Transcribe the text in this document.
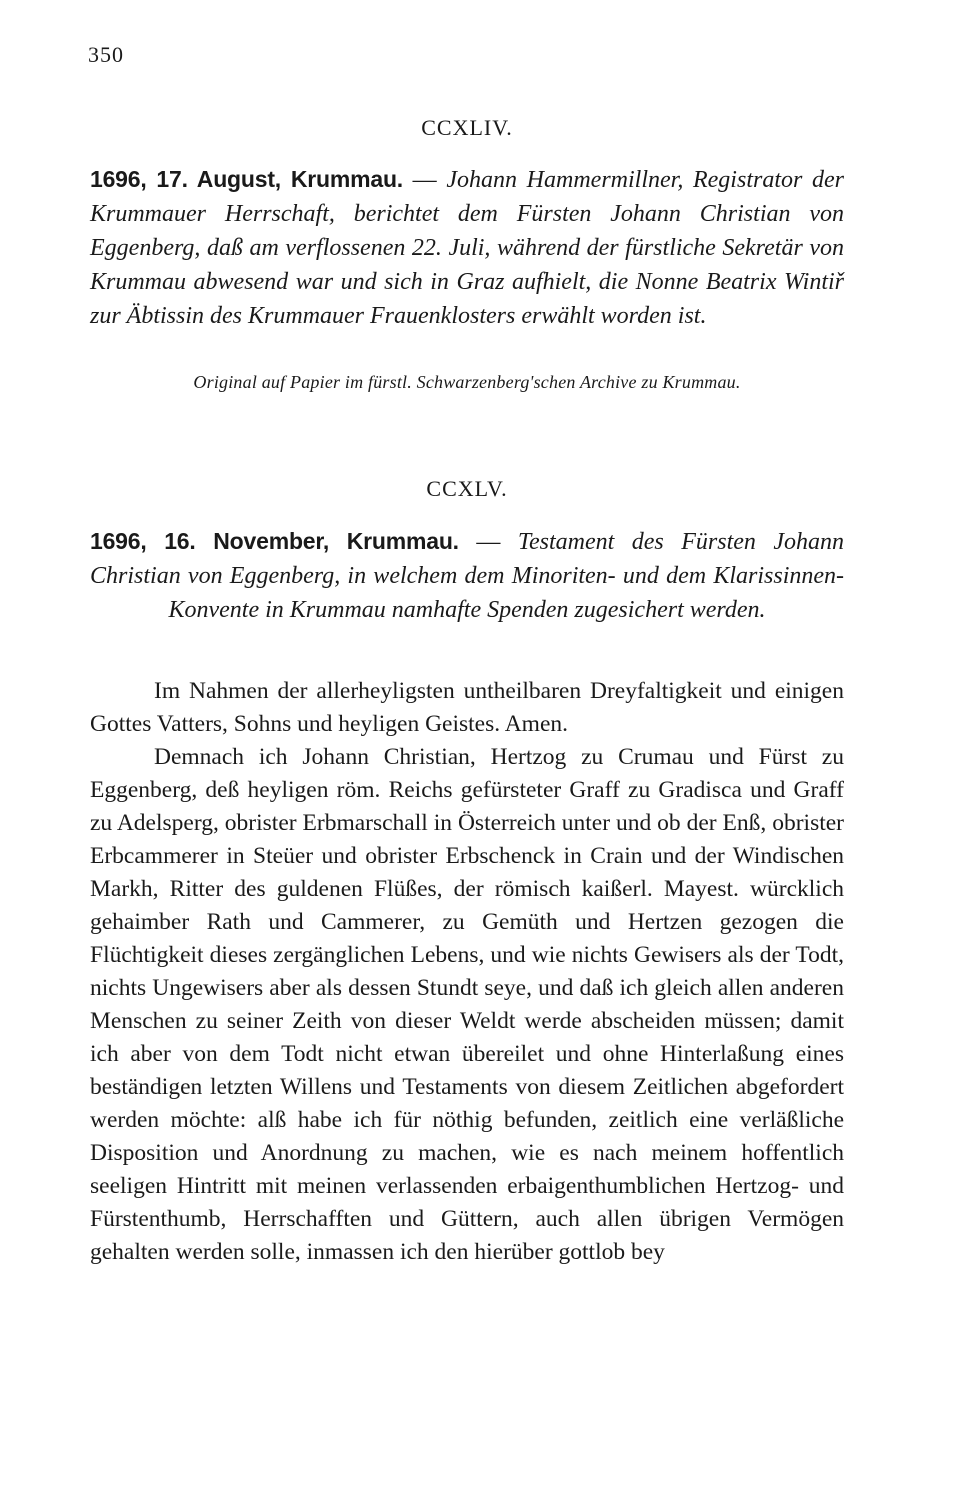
350
CCXLIV.
1696, 17. August, Krummau. — Johann Hammermillner, Registrator der Krummauer Herrschaft, berichtet dem Fürsten Johann Christian von Eggenberg, daß am verflossenen 22. Juli, während der fürstliche Sekretär von Krummau abwesend war und sich in Graz aufhielt, die Nonne Beatrix Wintiř zur Äbtissin des Krummauer Frauenklosters erwählt worden ist.
Original auf Papier im fürstl. Schwarzenberg'schen Archive zu Krummau.
CCXLV.
1696, 16. November, Krummau. — Testament des Fürsten Johann Christian von Eggenberg, in welchem dem Minoriten- und dem Klarissinnen-Konvente in Krummau namhafte Spenden zugesichert werden.

Im Nahmen der allerheyligsten untheilbaren Dreyfaltigkeit und einigen Gottes Vatters, Sohns und heyligen Geistes. Amen.

Demnach ich Johann Christian, Hertzog zu Crumau und Fürst zu Eggenberg, deß heyligen röm. Reichs gefürsteter Graff zu Gradisca und Graff zu Adelsperg, obrister Erbmarschall in Österreich unter und ob der Enß, obrister Erbcammerer in Steüer und obrister Erbschenck in Crain und der Windischen Markh, Ritter des guldenen Flüßes, der römisch kaißerl. Mayest. würcklich gehaimber Rath und Cammerer, zu Gemüth und Hertzen gezogen die Flüchtigkeit dieses zergänglichen Lebens, und wie nichts Gewisers als der Todt, nichts Ungewisers aber als dessen Stundt seye, und daß ich gleich allen anderen Menschen zu seiner Zeith von dieser Weldt werde abscheiden müssen; damit ich aber von dem Todt nicht etwan übereilet und ohne Hinterlaßung eines beständigen letzten Willens und Testaments von diesem Zeitlichen abgefordert werden möchte: alß habe ich für nöthig befunden, zeitlich eine verläßliche Disposition und Anordnung zu machen, wie es nach meinem hoffentlich seeligen Hintritt mit meinen verlassenden erbaigenthumblichen Hertzog- und Fürstenthumb, Herrschafften und Güttern, auch allen übrigen Vermögen gehalten werden solle, inmassen ich den hierüber gottlob bey
